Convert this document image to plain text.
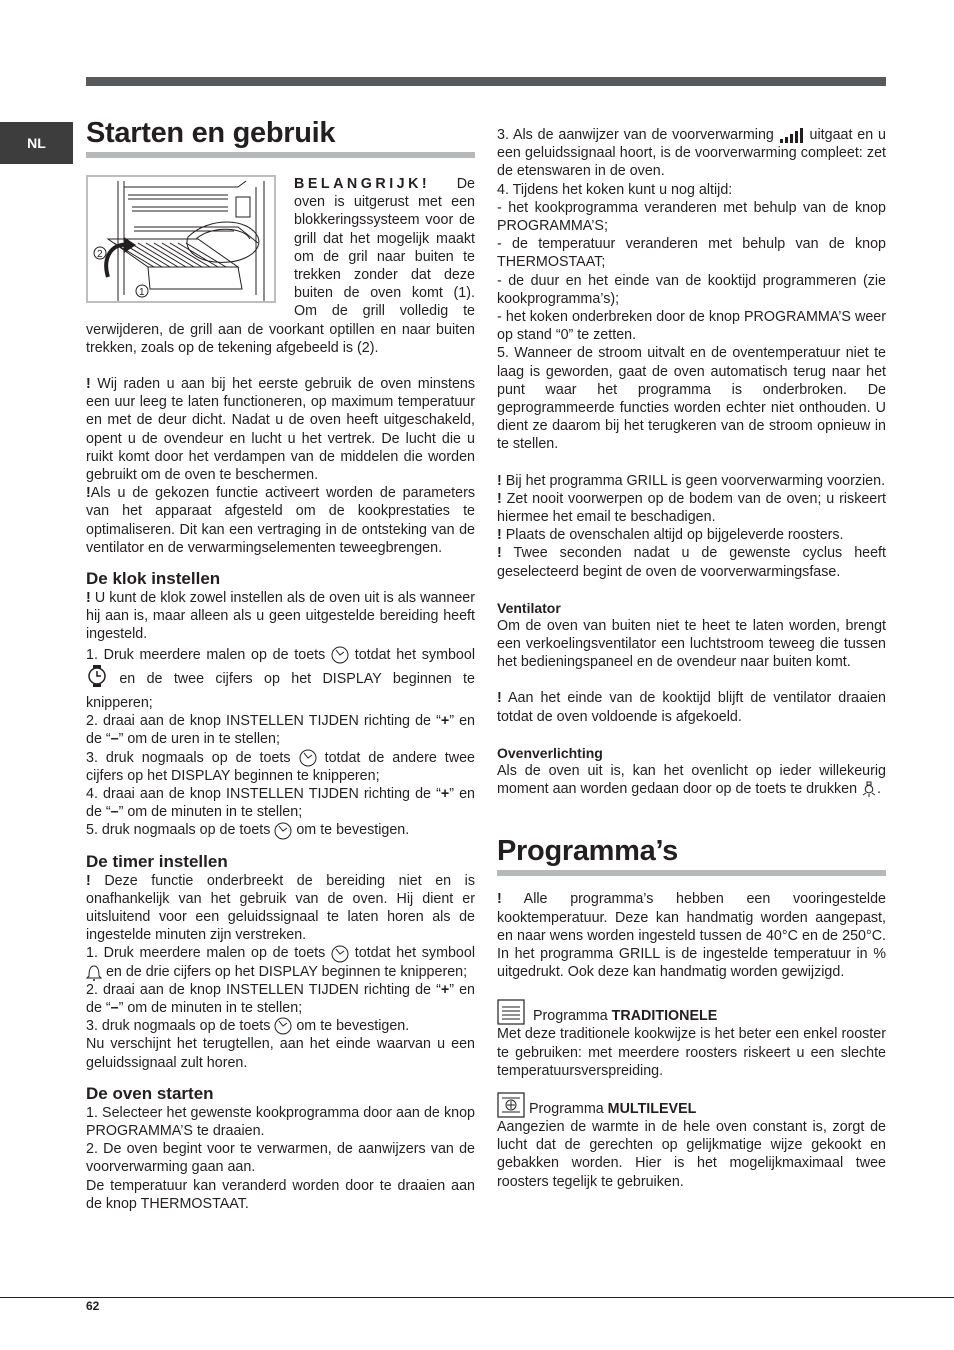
NL Starten en gebruik
2
1

BELANGRIJK! De oven is uitgerust met een blokkeringssysteem voor de grill dat het mogelijk maakt om de gril naar buiten te trekken zonder dat deze buiten de oven komt (1). Om de grill volledig te verwijderen, de grill aan de voorkant optillen en naar buiten trekken, zoals op de tekening afgebeeld is (2).

! Wij raden u aan bij het eerste gebruik de oven minstens een uur leeg te laten functioneren, op maximum temperatuur en met de deur dicht. Nadat u de oven heeft uitgeschakeld, opent u de ovendeur en lucht u het vertrek. De lucht die u ruikt komt door het verdampen van de middelen die worden gebruikt om de oven te beschermen.

!Als u de gekozen functie activeert worden de parameters van het apparaat afgesteld om de kookprestaties te optimaliseren. Dit kan een vertraging in de ontsteking van de ventilator en de verwarmingselementen teweegbrengen.

De klok instellen

! U kunt de klok zowel instellen als de oven uit is als wanneer hij aan is, maar alleen als u geen uitgestelde bereiding heeft ingesteld.

1. Druk meerdere malen op de toets totdat het symbool  en de twee cijfers op het DISPLAY beginnen te knipperen;

2. draai aan de knop INSTELLEN TIJDEN richting de “+” en de “–” om de uren in te stellen;

3. druk nogmaals op de toets totdat de andere twee cijfers op het DISPLAY beginnen te knipperen;

4. draai aan de knop INSTELLEN TIJDEN richting de “+” en de “–” om de minuten in te stellen;

5. druk nogmaals op de toets om te bevestigen.

De timer instellen

! Deze functie onderbreekt de bereiding niet en is onafhankelijk van het gebruik van de oven. Hij dient er uitsluitend voor een geluidssignaal te laten horen als de ingestelde minuten zijn verstreken.

1. Druk meerdere malen op de toets totdat het symbool  en de drie cijfers op het DISPLAY beginnen te knipperen;

2. draai aan de knop INSTELLEN TIJDEN richting de “+” en de “–” om de minuten in te stellen;

3. druk nogmaals op de toets om te bevestigen.

Nu verschijnt het terugtellen, aan het einde waarvan u een geluidssignaal zult horen.

De oven starten

1. Selecteer het gewenste kookprogramma door aan de knop PROGRAMMA’S te draaien.

2. De oven begint voor te verwarmen, de aanwijzers van de voorverwarming gaan aan.

De temperatuur kan veranderd worden door te draaien aan de knop THERMOSTAAT.

3. Als de aanwijzer van de voorverwarming uitgaat en u een geluidssignaal hoort, is de voorverwarming compleet: zet de etenswaren in de oven.

4. Tijdens het koken kunt u nog altijd:

- het kookprogramma veranderen met behulp van de knop PROGRAMMA’S;

- de temperatuur veranderen met behulp van de knop THERMOSTAAT;

- de duur en het einde van de kooktijd programmeren (zie kookprogramma’s);

- het koken onderbreken door de knop PROGRAMMA’S weer op stand “0” te zetten.

5. Wanneer de stroom uitvalt en de oventemperatuur niet te laag is geworden, gaat de oven automatisch terug naar het punt waar het programma is onderbroken. De geprogrammeerde functies worden echter niet onthouden. U dient ze daarom bij het terugkeren van de stroom opnieuw in te stellen.

! Bij het programma GRILL is geen voorverwarming voorzien.

! Zet nooit voorwerpen op de bodem van de oven; u riskeert hiermee het email te beschadigen.

! Plaats de ovenschalen altijd op bijgeleverde roosters.

! Twee seconden nadat u de gewenste cyclus heeft geselecteerd begint de oven de voorverwarmingsfase.

Ventilator

Om de oven van buiten niet te heet te laten worden, brengt een verkoelingsventilator een luchtstroom teweeg die tussen het bedieningspaneel en de ovendeur naar buiten komt.

! Aan het einde van de kooktijd blijft de ventilator draaien totdat de oven voldoende is afgekoeld.

Ovenverlichting

Als de oven uit is, kan het ovenlicht op ieder willekeurig moment aan worden gedaan door op de toets te drukken .

Programma’s

! Alle programma’s hebben een vooringestelde kooktemperatuur. Deze kan handmatig worden aangepast, en naar wens worden ingesteld tussen de 40°C en de 250°C. In het programma GRILL is de ingestelde temperatuur in % uitgedrukt. Ook deze kan handmatig worden gewijzigd.

Programma TRADITIONELE

Met deze traditionele kookwijze is het beter een enkel rooster te gebruiken: met meerdere roosters riskeert u een slechte temperatuursverspreiding.

Programma MULTILEVEL

Aangezien de warmte in de hele oven constant is, zorgt de lucht dat de gerechten op gelijkmatige wijze gekookt en gebakken worden. Hier is het mogelijkmaximaal twee roosters tegelijk te gebruiken.

62
